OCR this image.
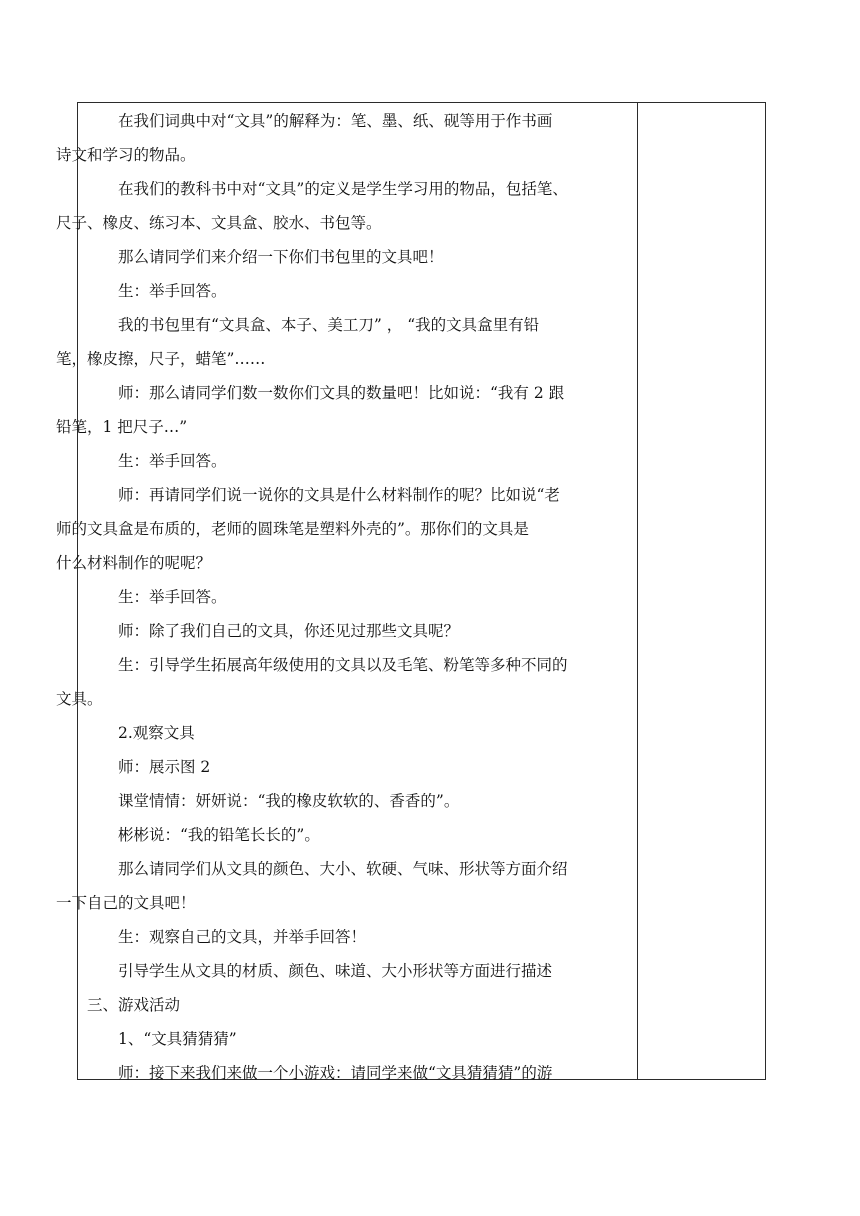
在我们词典中对“文具”的解释为：笔、墨、纸、砚等用于作书画
诗文和学习的物品。

在我们的教科书中对“文具”的定义是学生学习用的物品，包括笔、
尺子、橡皮、练习本、文具盒、胶水、书包等。

那么请同学们来介绍一下你们书包里的文具吧！

生：举手回答。

我的书包里有“文具盒、本子、美工刀” ， “我的文具盒里有铅
笔，橡皮擦，尺子，蜡笔”……

师：那么请同学们数一数你们文具的数量吧！比如说：“我有 2 跟
铅笔，1 把尺子…”

生：举手回答。

师：再请同学们说一说你的文具是什么材料制作的呢？比如说“老
师的文具盒是布质的，老师的圆珠笔是塑料外壳的”。那你们的文具是
什么材料制作的呢呢？

生：举手回答。

师：除了我们自己的文具，你还见过那些文具呢？

生：引导学生拓展高年级使用的文具以及毛笔、粉笔等多种不同的
文具。

2.观察文具

师：展示图 2

课堂情情：妍妍说：“我的橡皮软软的、香香的”。

彬彬说：“我的铅笔长长的”。

那么请同学们从文具的颜色、大小、软硬、气味、形状等方面介绍
一下自己的文具吧！

生：观察自己的文具，并举手回答！

引导学生从文具的材质、颜色、味道、大小形状等方面进行描述

三、游戏活动

1、“文具猜猜猜”

师：接下来我们来做一个小游戏：请同学来做“文具猜猜猜”的游
